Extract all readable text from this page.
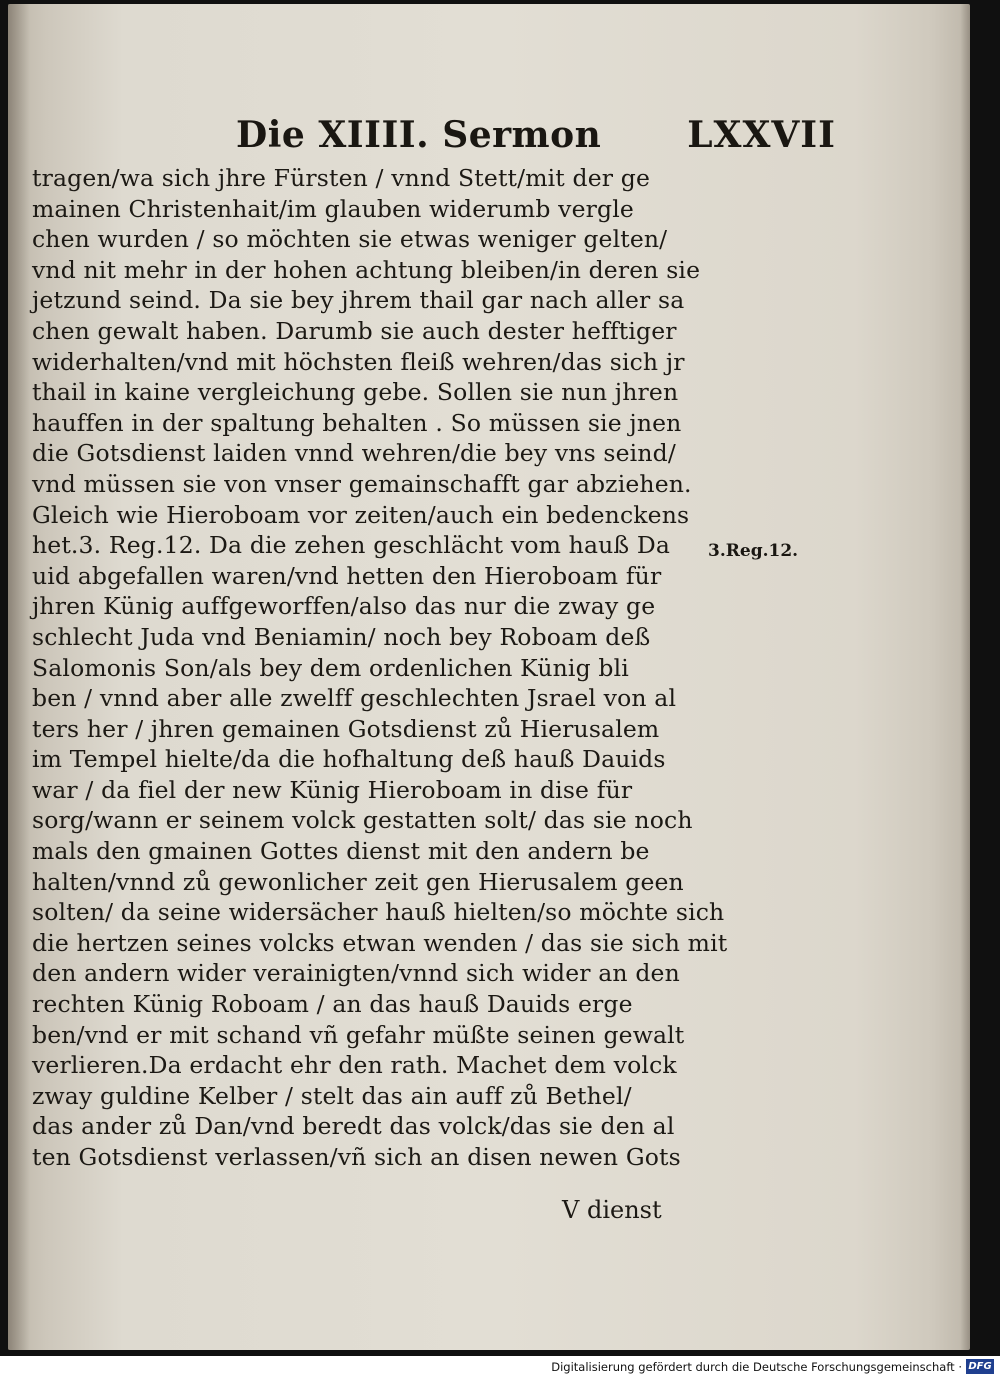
Die XIIII. Sermon LXXVII
tragen/wa sich jhre Fürsten / vnnd Stett/mit der ge
mainen Christenhait/im glauben widerumb vergle
chen wurden / so möchten sie etwas weniger gelten/
vnd nit mehr in der hohen achtung bleiben/in deren sie
jetzund seind. Da sie bey jhrem thail gar nach aller sa
chen gewalt haben. Darumb sie auch dester hefftiger
widerhalten/vnd mit höchsten fleiß wehren/das sich jr
thail in kaine vergleichung gebe. Sollen sie nun jhren
hauffen in der spaltung behalten . So müssen sie jnen
die Gotsdienst laiden vnnd wehren/die bey vns seind/
vnd müssen sie von vnser gemainschafft gar abziehen.
Gleich wie Hieroboam vor zeiten/auch ein bedenckens
het.3. Reg.12. Da die zehen geschlächt vom hauß Da
uid abgefallen waren/vnd hetten den Hieroboam für
jhren Künig auffgeworffen/also das nur die zway ge
schlecht Juda vnd Beniamin/ noch bey Roboam deß
Salomonis Son/als bey dem ordenlichen Künig bli
ben / vnnd aber alle zwelff geschlechten Jsrael von al
ters her / jhren gemainen Gotsdienst zů Hierusalem
im Tempel hielte/da die hofhaltung deß hauß Dauids
war / da fiel der new Künig Hieroboam in dise für
sorg/wann er seinem volck gestatten solt/ das sie noch
mals den gmainen Gottes dienst mit den andern be
halten/vnnd zů gewonlicher zeit gen Hierusalem geen
solten/ da seine widersächer hauß hielten/so möchte sich
die hertzen seines volcks etwan wenden / das sie sich mit
den andern wider verainigten/vnnd sich wider an den
rechten Künig Roboam / an das hauß Dauids erge
ben/vnd er mit schand vñ gefahr müßte seinen gewalt
verlieren.Da erdacht ehr den rath. Machet dem volck
zway guldine Kelber / stelt das ain auff zů Bethel/
das ander zů Dan/vnd beredt das volck/das sie den al
ten Gotsdienst verlassen/vñ sich an disen newen Gots
3.Reg.12.
V dienst
Digitalisierung gefördert durch die Deutsche Forschungsgemeinschaft · DFG
